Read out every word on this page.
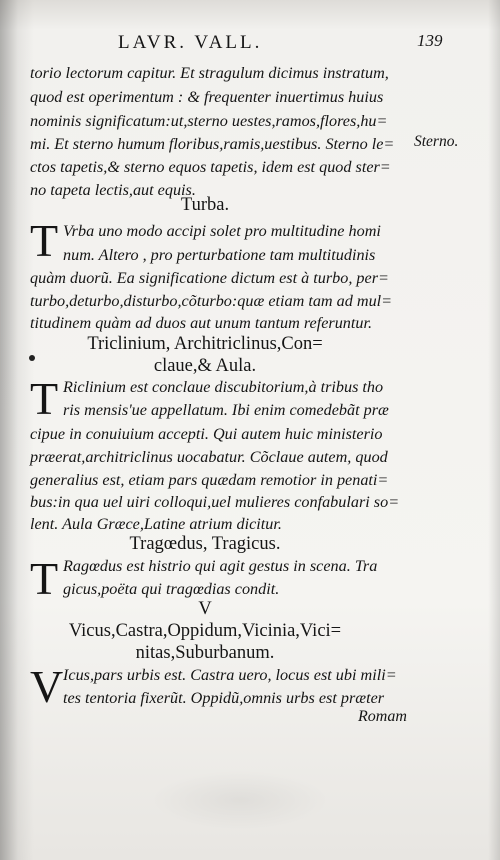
LAVR. VALL.	139
torio lectorum capitur. Et stragulum dicimus instratum,
quod est operimentum : & frequenter inuertimus huius
nominis significatum:ut,sterno uestes,ramos,flores,hu=
mi. Et sterno humum floribus,ramis,uestibus. Sterno le=
ctos tapetis,& sterno equos tapetis, idem est quod ster=
no tapeta lectis,aut equis.
Sterno.
Turba.
T Vrba uno modo accipi solet pro multitudine homi
num. Altero , pro perturbatione tam multitudinis
quàm duorũ. Ea significatione dictum est à turbo, per=
turbo,deturbo,disturbo,cõturbo:quæ etiam tam ad mul=
titudinem quàm ad duos aut unum tantum referuntur.
Triclinium, Architriclinus,Con=
claue,& Aula.
T Riclinium est conclaue discubitorium,à tribus tho
ris mensis'ue appellatum. Ibi enim comedebãt præ
cipue in conuiuium accepti. Qui autem huic ministerio
præerat,architriclinus uocabatur. Cõclaue autem, quod
generalius est, etiam pars quædam remotior in penati=
bus:in qua uel uiri colloqui,uel mulieres confabulari so=
lent. Aula Græce,Latine atrium dicitur.
Tragœdus, Tragicus.
T Ragœdus est histrio qui agit gestus in scena. Tra
gicus,poëta qui tragœdias condit.
V
Vicus,Castra,Oppidum,Vicinia,Vici=
nitas,Suburbanum.
V Icus,pars urbis est. Castra uero, locus est ubi mili=
tes tentoria fixerũt. Oppidũ,omnis urbs est præter
Romam
